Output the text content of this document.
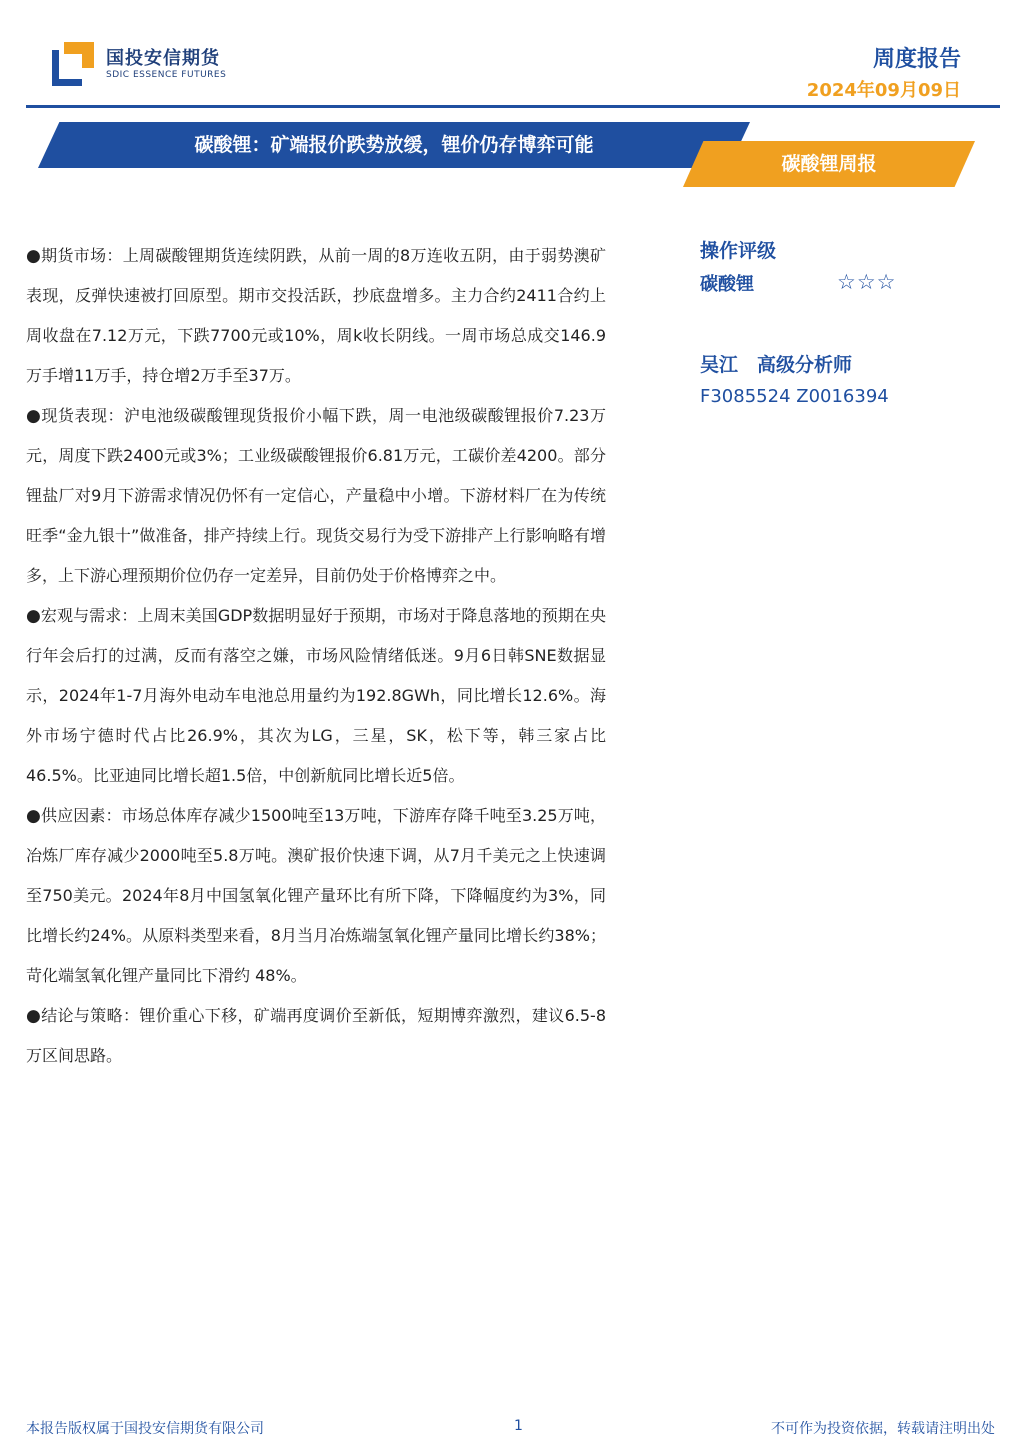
国投安信期货
SDIC ESSENCE FUTURES
周度报告
2024年09月09日
碳酸锂：矿端报价跌势放缓，锂价仍存博弈可能
碳酸锂周报

●期货市场：上周碳酸锂期货连续阴跌，从前一周的8万连收五阴，由于弱势澳矿表现，反弹快速被打回原型。期市交投活跃，抄底盘增多。主力合约2411合约上周收盘在7.12万元，下跌7700元或10%，周k收长阴线。一周市场总成交146.9万手增11万手，持仓增2万手至37万。

●现货表现：沪电池级碳酸锂现货报价小幅下跌，周一电池级碳酸锂报价7.23万元，周度下跌2400元或3%；工业级碳酸锂报价6.81万元，工碳价差4200。部分锂盐厂对9月下游需求情况仍怀有一定信心，产量稳中小增。下游材料厂在为传统旺季“金九银十”做准备，排产持续上行。现货交易行为受下游排产上行影响略有增多，上下游心理预期价位仍存一定差异，目前仍处于价格博弈之中。

●宏观与需求：上周末美国GDP数据明显好于预期，市场对于降息落地的预期在央行年会后打的过满，反而有落空之嫌，市场风险情绪低迷。9月6日韩SNE数据显示，2024年1-7月海外电动车电池总用量约为192.8GWh，同比增长12.6%。海外市场宁德时代占比26.9%，其次为LG，三星，SK，松下等，韩三家占比46.5%。比亚迪同比增长超1.5倍，中创新航同比增长近5倍。

●供应因素：市场总体库存减少1500吨至13万吨，下游库存降千吨至3.25万吨，冶炼厂库存减少2000吨至5.8万吨。澳矿报价快速下调，从7月千美元之上快速调至750美元。2024年8月中国氢氧化锂产量环比有所下降，下降幅度约为3%，同比增长约24%。从原料类型来看，8月当月冶炼端氢氧化锂产量同比增长约38%；苛化端氢氧化锂产量同比下滑约 48%。

●结论与策略：锂价重心下移，矿端再度调价至新低，短期博弈激烈，建议6.5-8万区间思路。

操作评级
碳酸锂	☆☆☆
吴江　高级分析师
F3085524 Z0016394
本报告版权属于国投安信期货有限公司	1	不可作为投资依据，转载请注明出处
